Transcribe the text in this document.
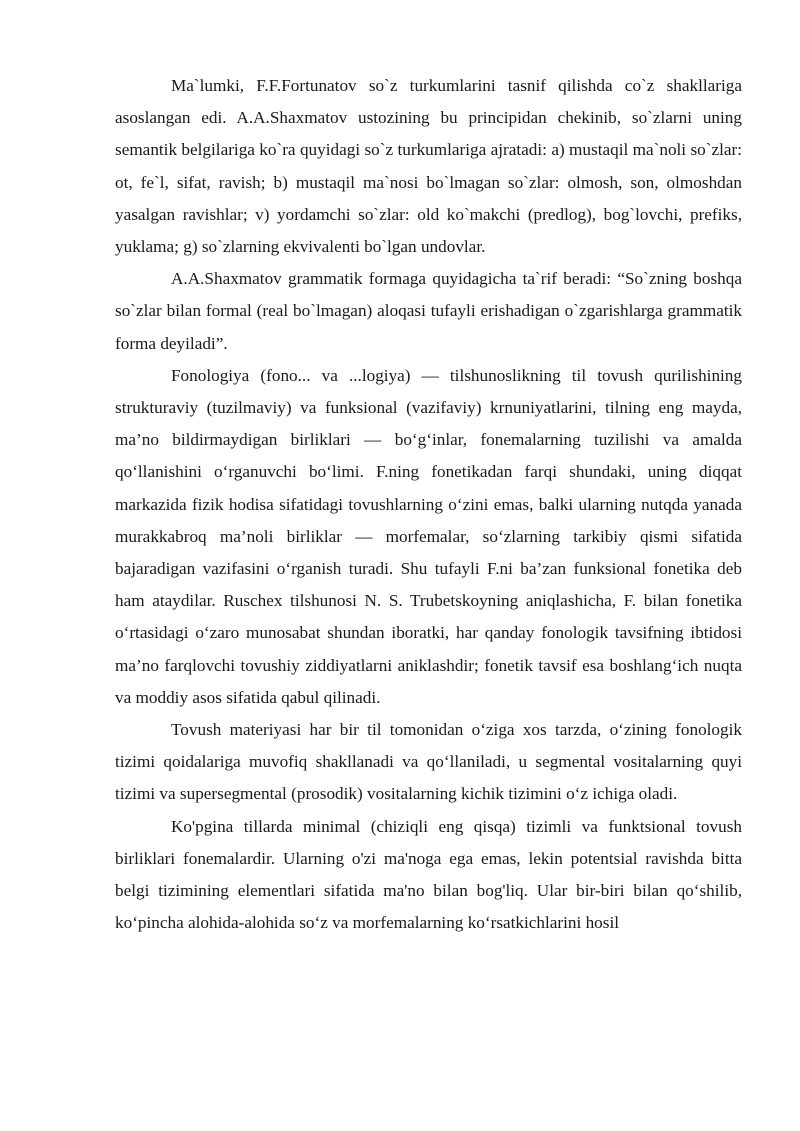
Ma`lumki, F.F.Fortunatov so`z turkumlarini tasnif qilishda co`z shakllariga asoslangan edi. A.A.Shaxmatov ustozining bu principidan chekinib, so`zlarni uning semantik belgilariga ko`ra quyidagi so`z turkumlariga ajratadi: a) mustaqil ma`noli so`zlar: ot, fe`l, sifat, ravish; b) mustaqil ma`nosi bo`lmagan so`zlar: olmosh, son, olmoshdan yasalgan ravishlar; v) yordamchi so`zlar: old ko`makchi (predlog), bog`lovchi, prefiks, yuklama; g) so`zlarning ekvivalenti bo`lgan undovlar.

A.A.Shaxmatov grammatik formaga quyidagicha ta`rif beradi: “So`zning boshqa so`zlar bilan formal (real bo`lmagan) aloqasi tufayli erishadigan o`zgarishlarga grammatik forma deyiladi”.

Fonologiya (fono... va ...logiya) — tilshunoslikning til tovush qurilishining strukturaviy (tuzilmaviy) va funksional (vazifaviy) krnuniyatlarini, tilning eng mayda, ma’no bildirmaydigan birliklari — bo‘g‘inlar, fonemalarning tuzilishi va amalda qo‘llanishini o‘rganuvchi bo‘limi. F.ning fonetikadan farqi shundaki, uning diqqat markazida fizik hodisa sifatidagi tovushlarning o‘zini emas, balki ularning nutqda yanada murakkabroq ma’noli birliklar — morfemalar, so‘zlarning tarkibiy qismi sifatida bajaradigan vazifasini o‘rganish turadi. Shu tufayli F.ni ba’zan funksional fonetika deb ham ataydilar. Ruschex tilshunosi N. S. Trubetskoyning aniqlashicha, F. bilan fonetika o‘rtasidagi o‘zaro munosabat shundan iboratki, har qanday fonologik tavsifning ibtidosi ma’no farqlovchi tovushiy ziddiyatlarni aniklashdir; fonetik tavsif esa boshlang‘ich nuqta va moddiy asos sifatida qabul qilinadi.

Tovush materiyasi har bir til tomonidan o‘ziga xos tarzda, o‘zining fonologik tizimi qoidalariga muvofiq shakllanadi va qo‘llaniladi, u segmental vositalarning quyi tizimi va supersegmental (prosodik) vositalarning kichik tizimini o‘z ichiga oladi.

Ko'pgina tillarda minimal (chiziqli eng qisqa) tizimli va funktsional tovush birliklari fonemalardir. Ularning o'zi ma'noga ega emas, lekin potentsial ravishda bitta belgi tizimining elementlari sifatida ma'no bilan bog'liq. Ular bir-biri bilan qo‘shilib, ko‘pincha alohida-alohida so‘z va morfemalarning ko‘rsatkichlarini hosil
